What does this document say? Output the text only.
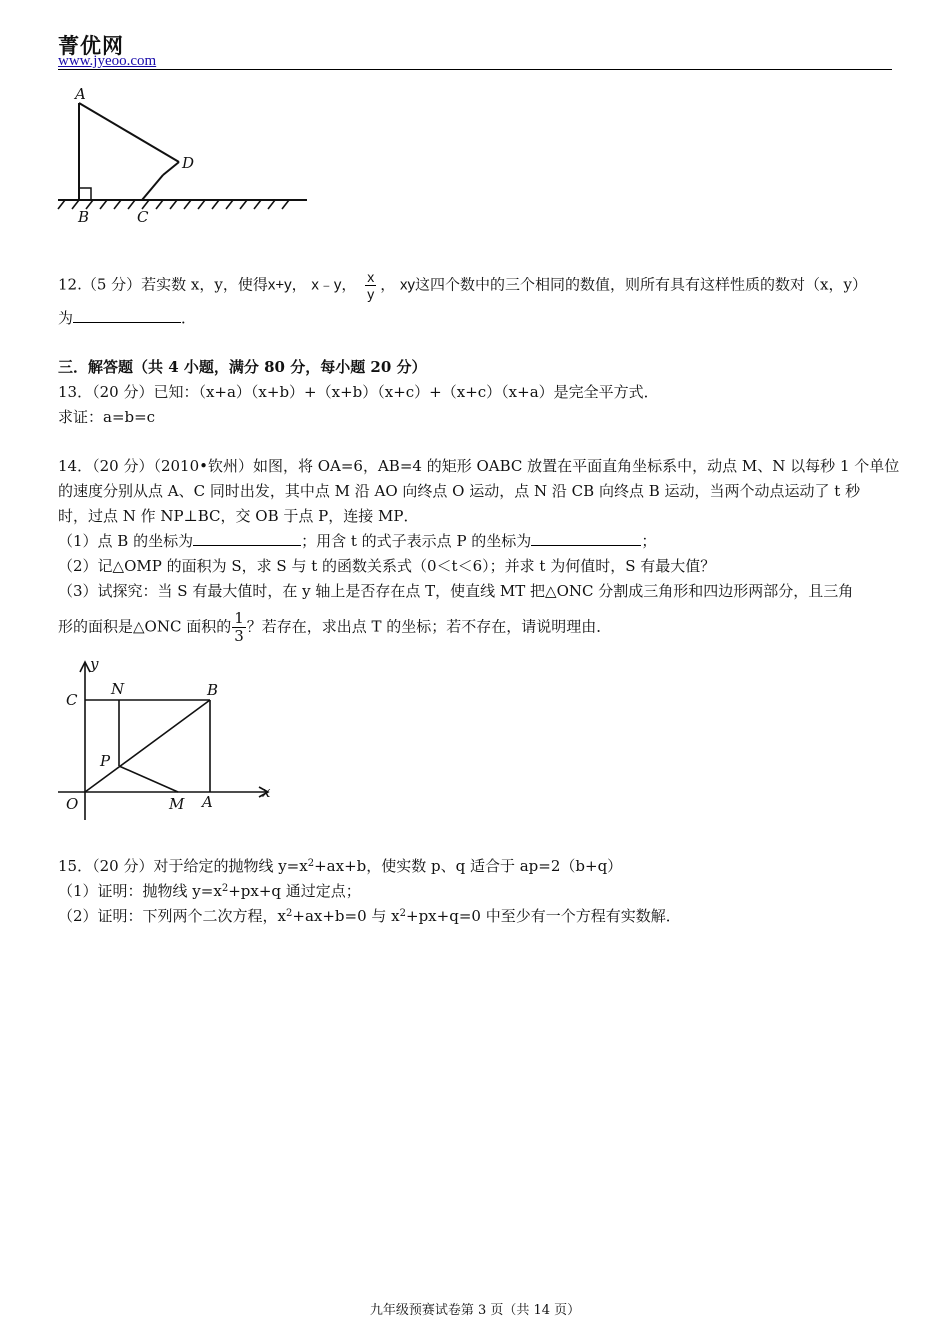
菁优网
www.jyeoo.com
A
D
B	C
12.（5 分）若实数 x，y，使得x+y， x﹣y， $\frac{x}{y}$ ， xy这四个数中的三个相同的数值，则所有具有这样性质的数对（x，y）
为	．
三．解答题（共 4 小题，满分 80 分，每小题 20 分）
13．（20 分）已知：（x+a）（x+b）+（x+b）（x+c）+（x+c）（x+a）是完全平方式．
求证：a=b=c
14．（20 分）（2010•钦州）如图，将 OA=6，AB=4 的矩形 OABC 放置在平面直角坐标系中，动点 M、N 以每秒 1 个单位
的速度分别从点 A、C 同时出发，其中点 M 沿 AO 向终点 O 运动，点 N 沿 CB 向终点 B 运动，当两个动点运动了 t 秒
时，过点 N 作 NP⊥BC，交 OB 于点 P，连接 MP．
（1）点 B 的坐标为	；用含 t 的式子表示点 P 的坐标为	；
（2）记△OMP 的面积为 S，求 S 与 t 的函数关系式（0＜t＜6）；并求 t 为何值时，S 有最大值？
（3）试探究：当 S 有最大值时，在 y 轴上是否存在点 T，使直线 MT 把△ONC 分割成三角形和四边形两部分，且三角
形的面积是△ONC 面积的 $\frac{1}{3}$ ？若存在，求出点 T 的坐标；若不存在，请说明理由．
y
x
C
N	B
P
O	M A
15．（20 分）对于给定的抛物线 $y=x^2+ax+b$，使实数 p、q 适合于 ap=2（b+q）
（1）证明：抛物线 $y=x^2+px+q$ 通过定点；
（2）证明：下列两个二次方程，$x^2+ax+b=0$ 与 $x^2+px+q=0$ 中至少有一个方程有实数解．
九年级预赛试卷第 3 页（共 14 页）
